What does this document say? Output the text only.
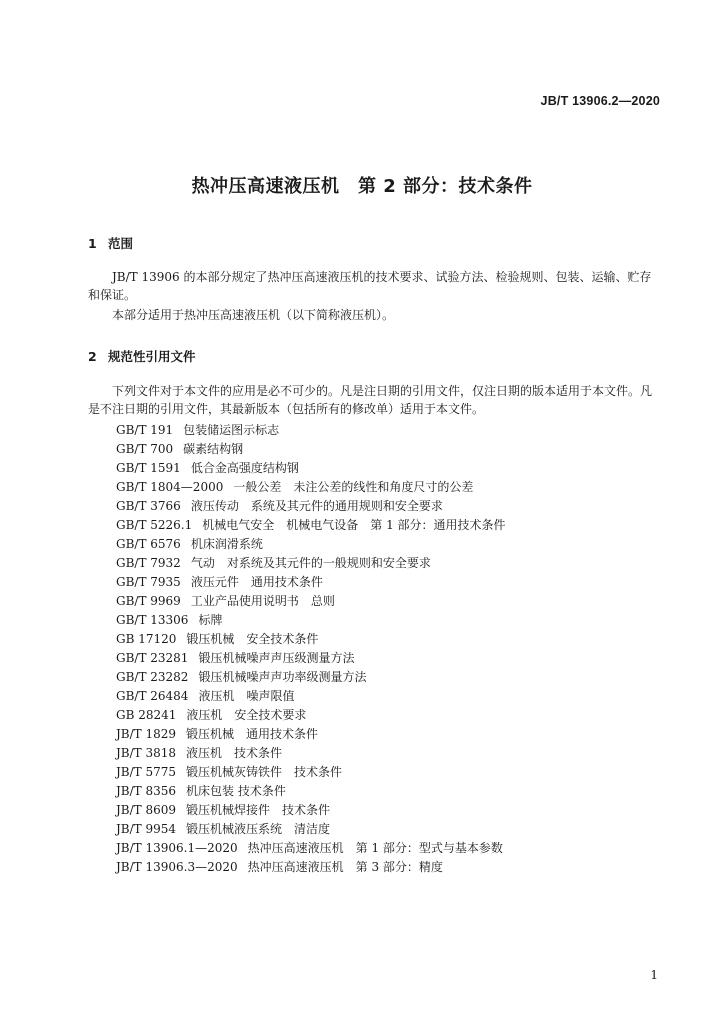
JB/T 13906.2—2020
热冲压高速液压机　第 2 部分：技术条件
1 范围
JB/T 13906 的本部分规定了热冲压高速液压机的技术要求、试验方法、检验规则、包装、运输、贮存和保证。
本部分适用于热冲压高速液压机（以下简称液压机）。
2 规范性引用文件
下列文件对于本文件的应用是必不可少的。凡是注日期的引用文件，仅注日期的版本适用于本文件。凡是不注日期的引用文件，其最新版本（包括所有的修改单）适用于本文件。
GB/T 191 包装储运图示标志
GB/T 700 碳素结构钢
GB/T 1591 低合金高强度结构钢
GB/T 1804—2000 一般公差　未注公差的线性和角度尺寸的公差
GB/T 3766 液压传动　系统及其元件的通用规则和安全要求
GB/T 5226.1 机械电气安全　机械电气设备　第 1 部分：通用技术条件
GB/T 6576 机床润滑系统
GB/T 7932 气动　对系统及其元件的一般规则和安全要求
GB/T 7935 液压元件　通用技术条件
GB/T 9969 工业产品使用说明书　总则
GB/T 13306 标牌
GB 17120 锻压机械　安全技术条件
GB/T 23281 锻压机械噪声声压级测量方法
GB/T 23282 锻压机械噪声声功率级测量方法
GB/T 26484 液压机　噪声限值
GB 28241 液压机　安全技术要求
JB/T 1829 锻压机械　通用技术条件
JB/T 3818 液压机　技术条件
JB/T 5775 锻压机械灰铸铁件　技术条件
JB/T 8356 机床包装 技术条件
JB/T 8609 锻压机械焊接件　技术条件
JB/T 9954 锻压机械液压系统　清洁度
JB/T 13906.1—2020 热冲压高速液压机　第 1 部分：型式与基本参数
JB/T 13906.3—2020 热冲压高速液压机　第 3 部分：精度
1
